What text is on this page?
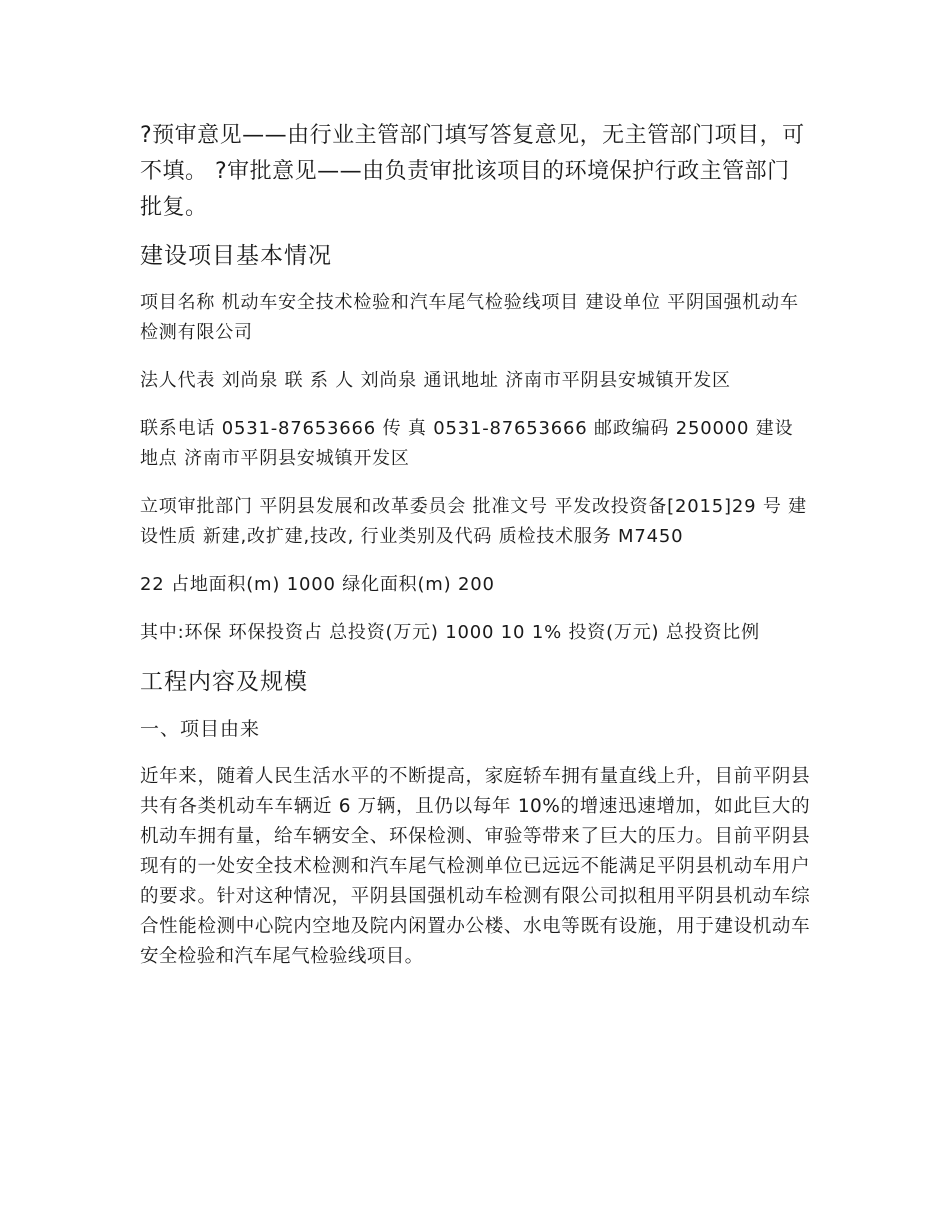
?预审意见——由行业主管部门填写答复意见，无主管部门项目，可不填。 ?审批意见——由负责审批该项目的环境保护行政主管部门批复。

建设项目基本情况

项目名称 机动车安全技术检验和汽车尾气检验线项目 建设单位 平阴国强机动车检测有限公司

法人代表 刘尚泉 联 系 人 刘尚泉 通讯地址 济南市平阴县安城镇开发区

联系电话 0531-87653666 传 真 0531-87653666 邮政编码 250000 建设地点 济南市平阴县安城镇开发区

立项审批部门 平阴县发展和改革委员会 批准文号 平发改投资备[2015]29 号 建设性质 新建,改扩建,技改, 行业类别及代码 质检技术服务 M7450

22 占地面积(m) 1000 绿化面积(m) 200

其中:环保 环保投资占 总投资(万元) 1000 10 1% 投资(万元) 总投资比例

工程内容及规模

一、项目由来

近年来，随着人民生活水平的不断提高，家庭轿车拥有量直线上升，目前平阴县共有各类机动车车辆近 6 万辆，且仍以每年 10%的增速迅速增加，如此巨大的机动车拥有量，给车辆安全、环保检测、审验等带来了巨大的压力。目前平阴县现有的一处安全技术检测和汽车尾气检测单位已远远不能满足平阴县机动车用户的要求。针对这种情况，平阴县国强机动车检测有限公司拟租用平阴县机动车综合性能检测中心院内空地及院内闲置办公楼、水电等既有设施，用于建设机动车安全检验和汽车尾气检验线项目。
